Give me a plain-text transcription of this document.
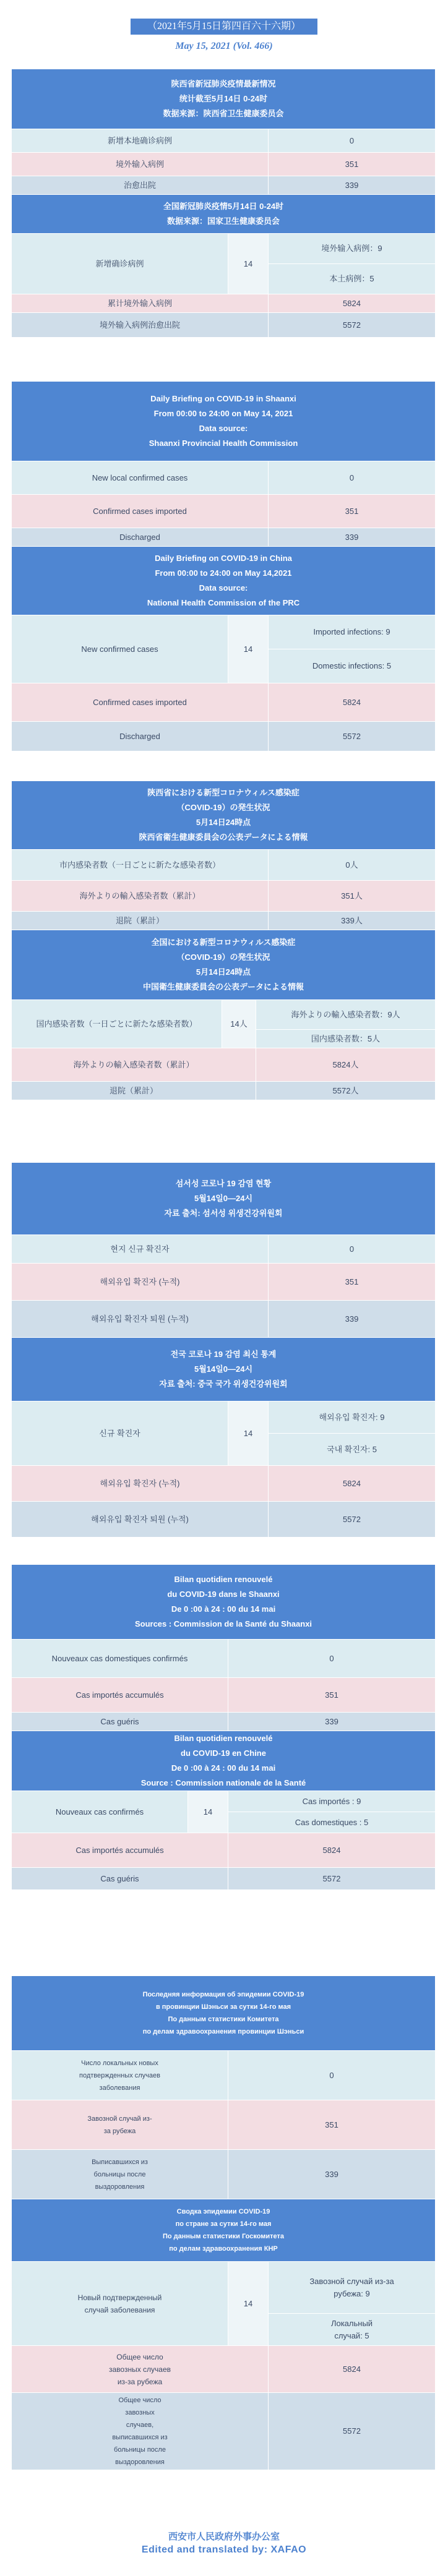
（2021年5月15日第四百六十六期）
May 15, 2021 (Vol. 466)
陕西省新冠肺炎疫情最新情况
统计截至5月14日 0-24时
数据来源：陕西省卫生健康委员会
新增本地确诊病例	0
境外输入病例	351
治愈出院	339
全国新冠肺炎疫情5月14日 0-24时
数据来源：国家卫生健康委员会
新增确诊病例	14	境外输入病例：9
		本土病例：5
累计境外输入病例		5824
境外输入病例治愈出院		5572
Daily Briefing on COVID-19 in Shaanxi
From 00:00 to 24:00 on May 14, 2021
Data source:
Shaanxi Provincial Health Commission
New local confirmed cases	0
Confirmed cases imported	351
Discharged	339
Daily Briefing on COVID-19 in China
From 00:00 to 24:00 on May 14,2021
Data source:
National Health Commission of the PRC
New confirmed cases	14	Imported infections: 9
		Domestic infections: 5
Confirmed cases imported		5824
Discharged		5572
陝西省における新型コロナウィルス感染症
（COVID-19）の発生状況
5月14日24時点
陝西省衛生健康委員会の公表データによる情報
市内感染者数（一日ごとに新たな感染者数）	0人
海外よりの輸入感染者数（累計）	351人
退院（累計）	339人
全国における新型コロナウィルス感染症
（COVID-19）の発生状況
5月14日24時点
中国衛生健康委員会の公表データによる情報
国内感染者数（一日ごとに新たな感染者数）	14人	海外よりの輸入感染者数：9人
		国内感染者数：5人
海外よりの輸入感染者数（累計）		5824人
退院（累計）		5572人
섬서성 코로나 19 감염 현황
5월14일0—24시
자료 출처: 섬서성 위생건강위원회
현지 신규 확진자	0
해외유입 확진자 (누적)	351
해외유입 확진자 퇴원 (누적)	339
전국 코로나 19 감염 최신 통계
5월14일0—24시
자료 출처: 중국 국가 위생건강위원회
신규 확진자	14	해외유입 확진자: 9
		국내 확진자: 5
해외유입 확진자 (누적)		5824
해외유입 확진자 퇴원 (누적)		5572
Bilan quotidien renouvelé
du COVID-19 dans le Shaanxi
De 0 :00 à 24 : 00 du 14 mai
Sources : Commission de la Santé du Shaanxi
Nouveaux cas domestiques confirmés	0
Cas importés accumulés	351
Cas guéris	339
Bilan quotidien renouvelé
du COVID-19 en Chine
De 0 :00 à 24 : 00 du 14 mai
Source : Commission nationale de la Santé
Nouveaux cas confirmés	14	Cas importés : 9
		Cas domestiques : 5
Cas importés accumulés		5824
Cas guéris		5572
Последняя информация об эпидемии COVID-19
в провинции Шэньси за сутки 14-го мая
По данным статистики Комитета
по делам здравоохранения провинции Шэньси
Число локальных новых подтвержденных случаев заболевания	0
Завозной случай из-за рубежа	351
Выписавшихся из больницы после выздоровления	339
Сводка эпидемии COVID-19
по стране за сутки 14-го мая
По данным статистики Госкомитета
по делам здравоохранения КНР
Новый подтвержденный случай заболевания	14	Завозной случай из-за рубежа: 9
		Локальный случай: 5
Общее число завозных случаев из-за рубежа		5824
Общее число завозных случаев, выписавшихся из больницы после выздоровления		5572
西安市人民政府外事办公室
Edited and translated by: XAFAO
